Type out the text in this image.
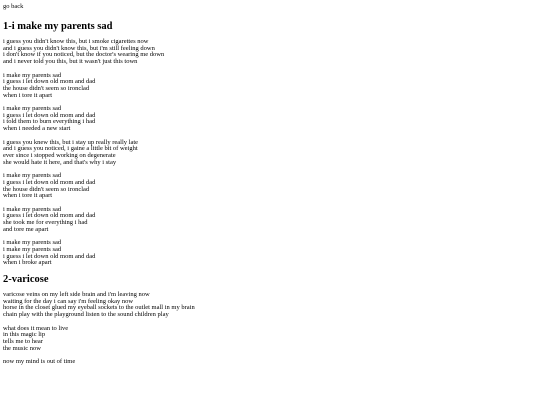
go back
1-i make my parents sad
i guess you didn't know this, but i smoke cigarettes now
and i guess you didn't know this, but i'm still feeling down
i don't know if you noticed, but the doctor's wearing me down
and i never told you this, but it wasn't just this town
i make my parents sad
i guess i let down old mom and dad
the house didn't seem so ironclad
when i tore it apart
i make my parents sad
i guess i let down old mom and dad
i told them to burn everything i had
when i needed a new start
i guess you knew this, but i stay up really really late
and i guess you noticed, i gaine a little bit of weight
ever since i stopped working on degenerate
she would hate it here, and that's why i stay
i make my parents sad
i guess i let down old mom and dad
the house didn't seem so ironclad
when i tore it apart
i make my parents sad
i guess i let down old mom and dad
she took me for everything i had
and tore me apart
i make my parents sad
i make my parents sad
i guess i let down old mom and dad
when i broke apart
2-varicose
varicose veins on my left side brain and i'm leaving now
waiting for the day i can say i'm feeling okay now
horse in the closet glued my eyeball sockets to the outlet mall in my brain
chain play with the playground listen to the sound children play
what does it mean to live
in this magic lip
tells me to hear
the music now
now my mind is out of time
